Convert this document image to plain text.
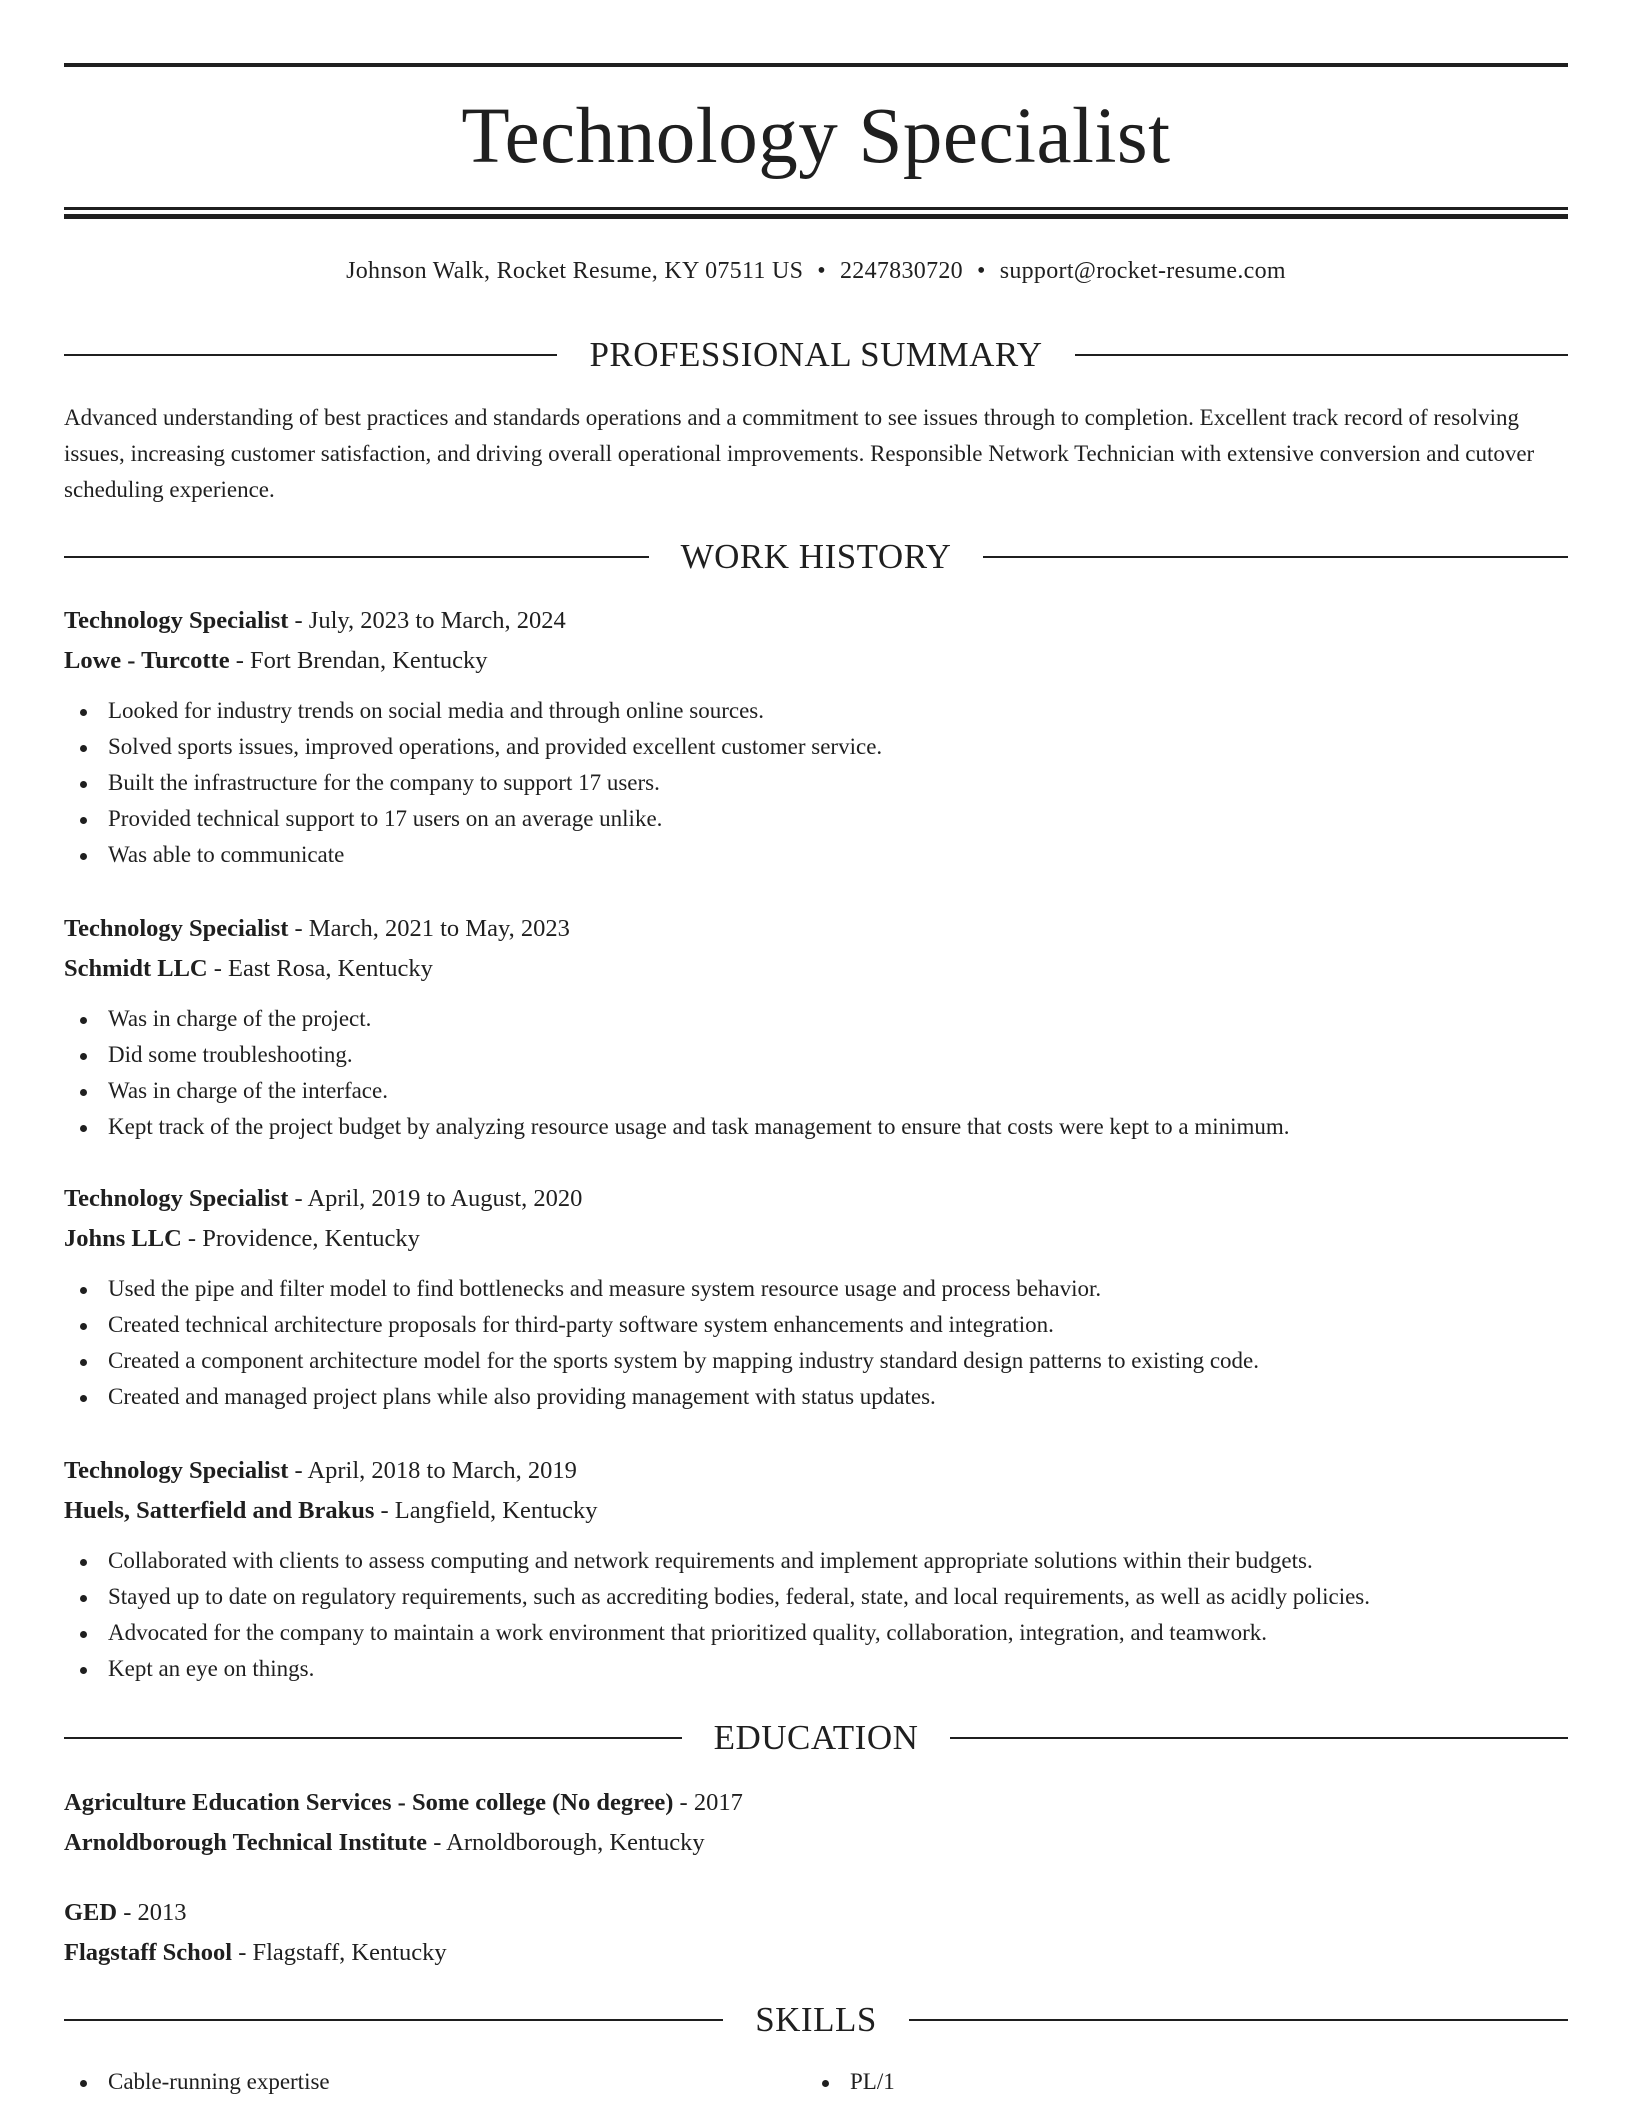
Technology Specialist
Johnson Walk, Rocket Resume, KY 07511 US • 2247830720 • support@rocket-resume.com
PROFESSIONAL SUMMARY
Advanced understanding of best practices and standards operations and a commitment to see issues through to completion. Excellent track record of resolving issues, increasing customer satisfaction, and driving overall operational improvements. Responsible Network Technician with extensive conversion and cutover scheduling experience.
WORK HISTORY
Technology Specialist - July, 2023 to March, 2024
Lowe - Turcotte - Fort Brendan, Kentucky
Looked for industry trends on social media and through online sources.
Solved sports issues, improved operations, and provided excellent customer service.
Built the infrastructure for the company to support 17 users.
Provided technical support to 17 users on an average unlike.
Was able to communicate
Technology Specialist - March, 2021 to May, 2023
Schmidt LLC - East Rosa, Kentucky
Was in charge of the project.
Did some troubleshooting.
Was in charge of the interface.
Kept track of the project budget by analyzing resource usage and task management to ensure that costs were kept to a minimum.
Technology Specialist - April, 2019 to August, 2020
Johns LLC - Providence, Kentucky
Used the pipe and filter model to find bottlenecks and measure system resource usage and process behavior.
Created technical architecture proposals for third-party software system enhancements and integration.
Created a component architecture model for the sports system by mapping industry standard design patterns to existing code.
Created and managed project plans while also providing management with status updates.
Technology Specialist - April, 2018 to March, 2019
Huels, Satterfield and Brakus - Langfield, Kentucky
Collaborated with clients to assess computing and network requirements and implement appropriate solutions within their budgets.
Stayed up to date on regulatory requirements, such as accrediting bodies, federal, state, and local requirements, as well as acidly policies.
Advocated for the company to maintain a work environment that prioritized quality, collaboration, integration, and teamwork.
Kept an eye on things.
EDUCATION
Agriculture Education Services - Some college (No degree) - 2017
Arnoldborough Technical Institute - Arnoldborough, Kentucky
GED - 2013
Flagstaff School - Flagstaff, Kentucky
SKILLS
Cable-running expertise	PL/1
